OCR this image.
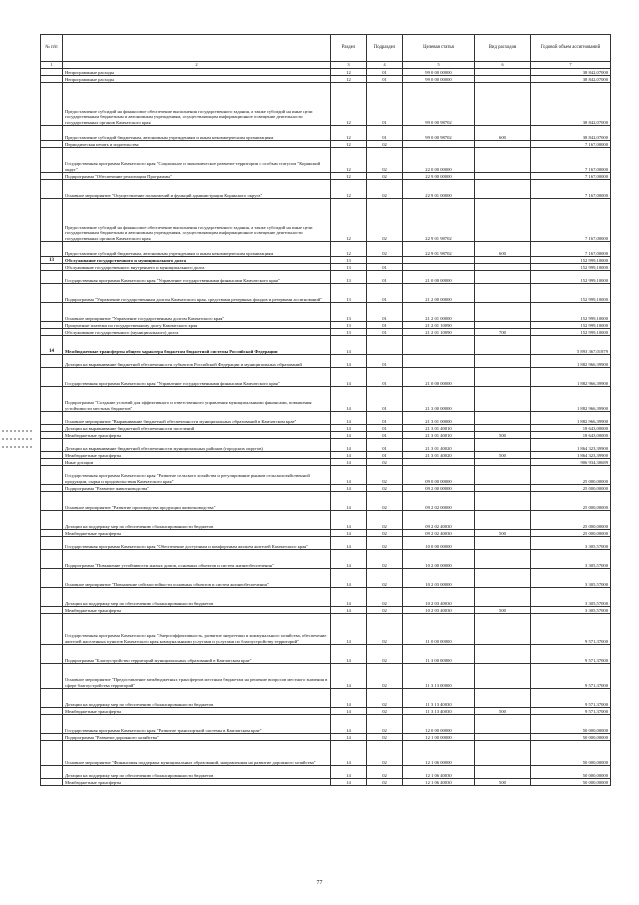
№ п/п		Раздел	Подраздел	Целевая статья	Вид расходов	Годовой объем ассигнований
1	2	3	4	5	6	7
	Непрограммные расходы	12	01	99 0 00 00000		38 842,07000
	Непрограммные расходы	12	01	99 0 00 00000		38 842,07000
	Предоставление субсидий на финансовое обеспечение выполнения государственного задания, а также субсидий на иные цели государственным бюджетным и автономным учреждениям, осуществляющим информационное освещение деятельности государственных органов Камчатского края	12	01	99 0 00 98702		38 842,07000
	Предоставление субсидий бюджетным, автономным учреждениям и иным некоммерческим организациям	12	01	99 0 00 98702	600	38 842,07000
	Периодическая печать и издательства	12	02			7 167,00000
	Государственная программа Камчатского края "Социальное и экономическое развитие территории с особым статусом "Корякский округ"	12	02	22 0 00 00000		7 167,00000
	Подпрограмма "Обеспечение реализации Программы"	12	02	22 9 00 00000		7 167,00000
	Основное мероприятие "Осуществление полномочий и функций администрации Корякского округа"	12	02	22 9 01 00000		7 167,00000
	Предоставление субсидий на финансовое обеспечение выполнения государственного задания, а также субсидий на иные цели государственным бюджетным и автономным учреждениям, осуществляющим информационное освещение деятельности государственных органов Камчатского края	12	02	22 9 01 98702		7 167,00000
	Предоставление субсидий бюджетным, автономным учреждениям и иным некоммерческим организациям	12	02	22 9 01 98702	600	7 167,00000
13	Обслуживание государственного и муниципального долга	13				152 999,10000
	Обслуживание государственного внутреннего и муниципального долга	13	01			152 999,10000
	Государственная программа Камчатского края "Управление государственными финансами Камчатского края"	13	01	21 0 00 00000		152 999,10000
	Подпрограмма "Управление государственным долгом Камчатского края, средствами резервных фондов и резервами ассигнований"	13	01	21 2 00 00000		152 999,10000
	Основное мероприятие "Управление государственным долгом Камчатского края"	13	01	21 2 01 00000		152 999,10000
	Процентные платежи по государственному долгу Камчатского края	13	01	21 2 01 10090		152 999,10000
	Обслуживание государственного (муниципального) долга	13	01	21 2 01 10090	700	152 999,10000
14	Межбюджетные трансферты общего характера бюджетам бюджетной системы Российской Федерации	14				5 893 367,01879
	Дотации на выравнивание бюджетной обеспеченности субъектов Российской Федерации и муниципальных образований	14	01			1 882 966,39900
	Государственная программа Камчатского края "Управление государственными финансами Камчатского края"	14	01	21 0 00 00000		1 882 966,39900
	Подпрограмма "Создание условий для эффективного и ответственного управления муниципальными финансами, повышения устойчивости местных бюджетов"	14	01	21 3 00 00000		1 882 966,39900
	Основное мероприятие "Выравнивание бюджетной обеспеченности муниципальных образований в Камчатском крае"	14	01	21 3 01 00000		1 882 966,39900
	Дотации на выравнивание бюджетной обеспеченности поселений	14	01	21 3 01 40010		18 643,00000
	Межбюджетные трансферты	14	01	21 3 01 40010	500	18 643,00000
	Дотации на выравнивание бюджетной обеспеченности муниципальных районов (городских округов)	14	01	21 3 01 40020		1 864 323,39900
	Межбюджетные трансферты	14	01	21 3 01 40020	500	1 864 323,39900
	Иные дотации	14	02			906 934,30689
	Государственная программа Камчатского края "Развитие сельского хозяйства и регулирование рынков сельскохозяйственной продукции, сырья и продовольствия Камчатского края"	14	02	09 0 00 00000		25 000,00000
	Подпрограмма "Развитие животноводства"	14	02	09 2 00 00000		25 000,00000
	Основное мероприятие "Развитие производства продукции животноводства"	14	02	09 2 02 00000		25 000,00000
	Дотации на поддержку мер по обеспечению сбалансированности бюджетов	14	02	09 2 02 40030		25 000,00000
	Межбюджетные трансферты	14	02	09 2 02 40030	500	25 000,00000
	Государственная программа Камчатского края "Обеспечение доступным и комфортным жильем жителей Камчатского края"	14	02	10 0 00 00000		3 305,57000
	Подпрограмма "Повышение устойчивости жилых домов, основных объектов и систем жизнеобеспечения"	14	02	10 2 00 00000		3 305,57000
	Основное мероприятие "Повышение сейсмостойкости основных объектов и систем жизнеобеспечения"	14	02	10 2 03 00000		3 305,57000
	Дотации на поддержку мер по обеспечению сбалансированности бюджетов	14	02	10 2 03 40030		3 305,57000
	Межбюджетные трансферты	14	02	10 2 03 40030	500	3 305,57000
	Государственная программа Камчатского края "Энергоэффективность, развитие энергетики и коммунального хозяйства, обеспечение жителей населенных пунктов Камчатского края коммунальными услугами и услугами по благоустройству территорий"	14	02	11 0 00 00000		9 571,37000
	Подпрограмма "Благоустройство территорий муниципальных образований в Камчатском крае"	14	02	11 3 00 00000		9 571,37000
	Основное мероприятие "Предоставление межбюджетных трансфертов местным бюджетам на решение вопросов местного значения в сфере благоустройства территорий"	14	02	11 3 13 00000		9 571,37000
	Дотации на поддержку мер по обеспечению сбалансированности бюджетов	14	02	11 3 13 40030		9 571,37000
	Межбюджетные трансферты	14	02	11 3 13 40030	500	9 571,37000
	Государственная программа Камчатского края "Развитие транспортной системы в Камчатском крае"	14	02	12 0 00 00000		50 000,00000
	Подпрограмма "Развитие дорожного хозяйства"	14	02	12 1 00 00000		50 000,00000
	Основное мероприятие "Финансовая поддержка муниципальных образований, направленная на развитие дорожного хозяйства"	14	02	12 1 06 00000		50 000,00000
	Дотации на поддержку мер по обеспечению сбалансированности бюджетов	14	02	12 1 06 40030		50 000,00000
	Межбюджетные трансферты	14	02	12 1 06 40030	500	50 000,00000
77
